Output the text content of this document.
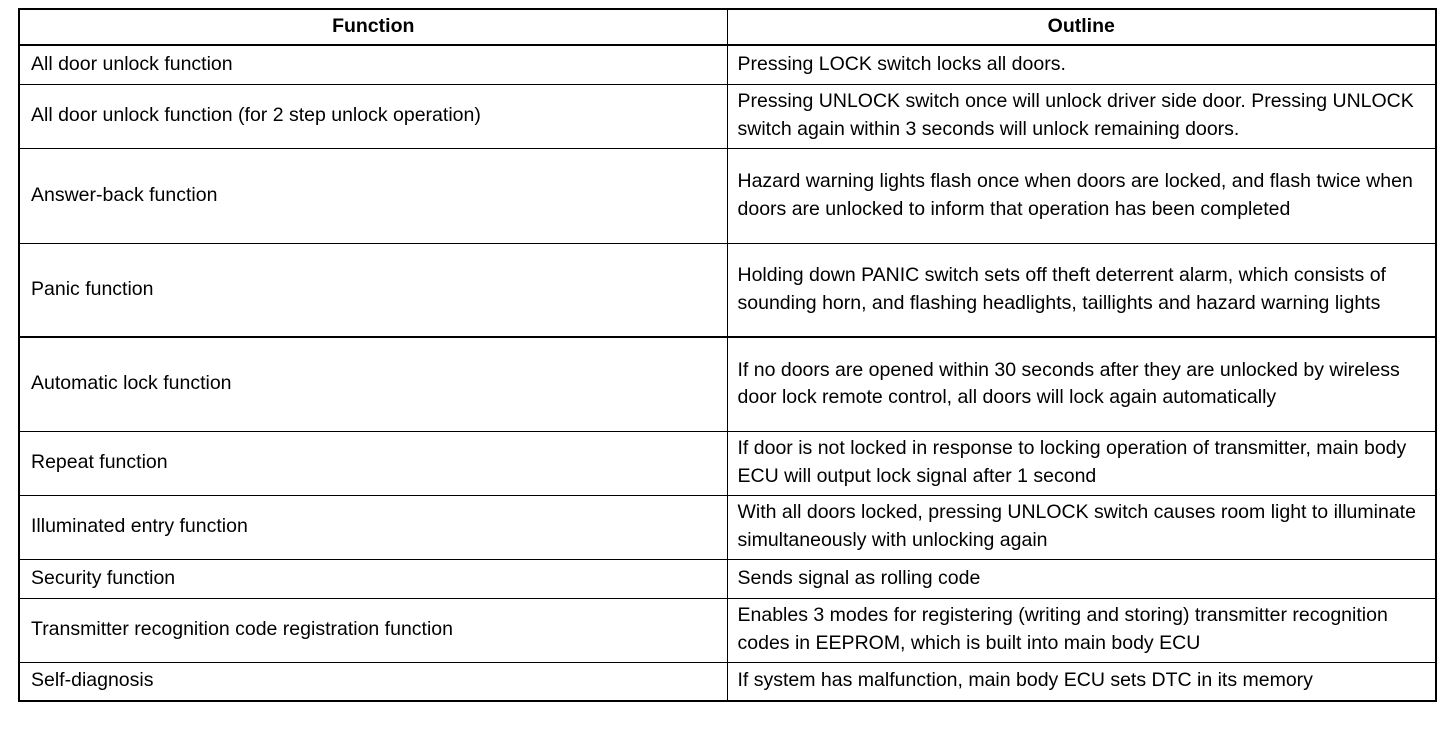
Function	Outline
All door unlock function	Pressing LOCK switch locks all doors.
All door unlock function (for 2 step unlock operation)	Pressing UNLOCK switch once will unlock driver side door. Pressing UNLOCK switch again within 3 seconds will unlock remaining doors.
Answer-back function	Hazard warning lights flash once when doors are locked, and flash twice when doors are unlocked to inform that operation has been completed
Panic function	Holding down PANIC switch sets off theft deterrent alarm, which consists of sounding horn, and flashing headlights, taillights and hazard warning lights
Automatic lock function	If no doors are opened within 30 seconds after they are unlocked by wireless door lock remote control, all doors will lock again automatically
Repeat function	If door is not locked in response to locking operation of transmitter, main body ECU will output lock signal after 1 second
Illuminated entry function	With all doors locked, pressing UNLOCK switch causes room light to illuminate simultaneously with unlocking again
Security function	Sends signal as rolling code
Transmitter recognition code registration function	Enables 3 modes for registering (writing and storing) transmitter recognition codes in EEPROM, which is built into main body ECU
Self-diagnosis	If system has malfunction, main body ECU sets DTC in its memory
